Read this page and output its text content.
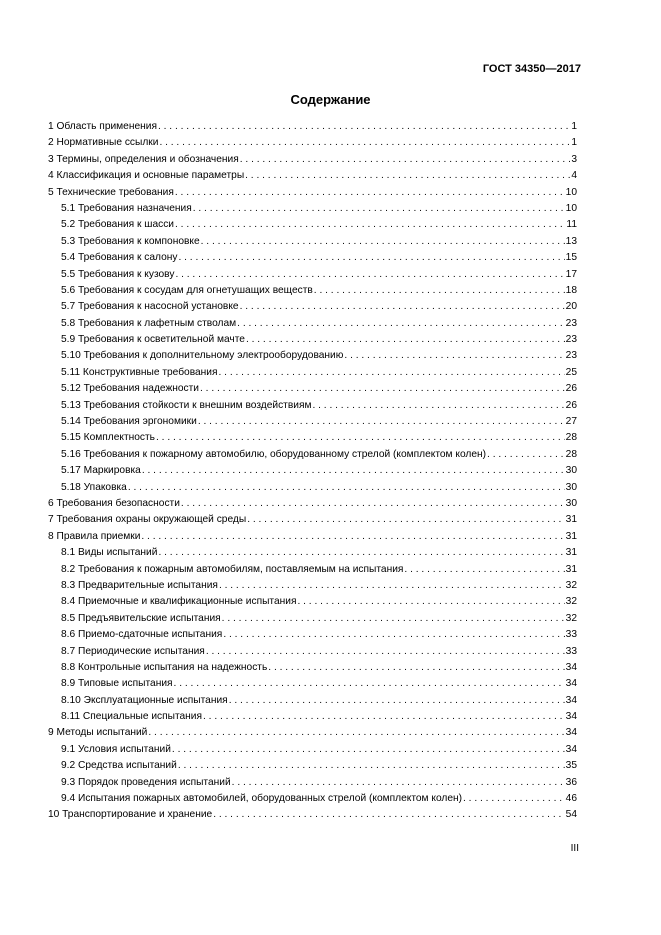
ГОСТ 34350—2017
Содержание
1 Область применения . . .	1
2 Нормативные ссылки . . .	1
3 Термины, определения и обозначения . . .	3
4 Классификация и основные параметры . . .	4
5 Технические требования . . .	10
5.1 Требования назначения . . .	10
5.2 Требования к шасси . . .	11
5.3 Требования к компоновке . . .	13
5.4 Требования к салону . . .	15
5.5 Требования к кузову . . .	17
5.6 Требования к сосудам для огнетушащих веществ . . .	18
5.7 Требования к насосной установке . . .	20
5.8 Требования к лафетным стволам . . .	23
5.9 Требования к осветительной мачте . . .	23
5.10 Требования к дополнительному электрооборудованию . . .	23
5.11 Конструктивные требования . . .	25
5.12 Требования надежности . . .	26
5.13 Требования стойкости к внешним воздействиям . . .	26
5.14 Требования эргономики . . .	27
5.15 Комплектность . . .	28
5.16 Требования к пожарному автомобилю, оборудованному стрелой (комплектом колен) . . .	28
5.17 Маркировка . . .	30
5.18 Упаковка . . .	30
6 Требования безопасности . . .	30
7 Требования охраны окружающей среды . . .	31
8 Правила приемки . . .	31
8.1 Виды испытаний . . .	31
8.2 Требования к пожарным автомобилям, поставляемым на испытания . . .	31
8.3 Предварительные испытания . . .	32
8.4 Приемочные и квалификационные испытания . . .	32
8.5 Предъявительские испытания . . .	32
8.6 Приемо-сдаточные испытания . . .	33
8.7 Периодические испытания . . .	33
8.8 Контрольные испытания на надежность . . .	34
8.9 Типовые испытания . . .	34
8.10 Эксплуатационные испытания . . .	34
8.11 Специальные испытания . . .	34
9 Методы испытаний . . .	34
9.1 Условия испытаний . . .	34
9.2 Средства испытаний . . .	35
9.3 Порядок проведения испытаний . . .	36
9.4 Испытания пожарных автомобилей, оборудованных стрелой (комплектом колен) . . .	46
10 Транспортирование и хранение . . .	54
III
